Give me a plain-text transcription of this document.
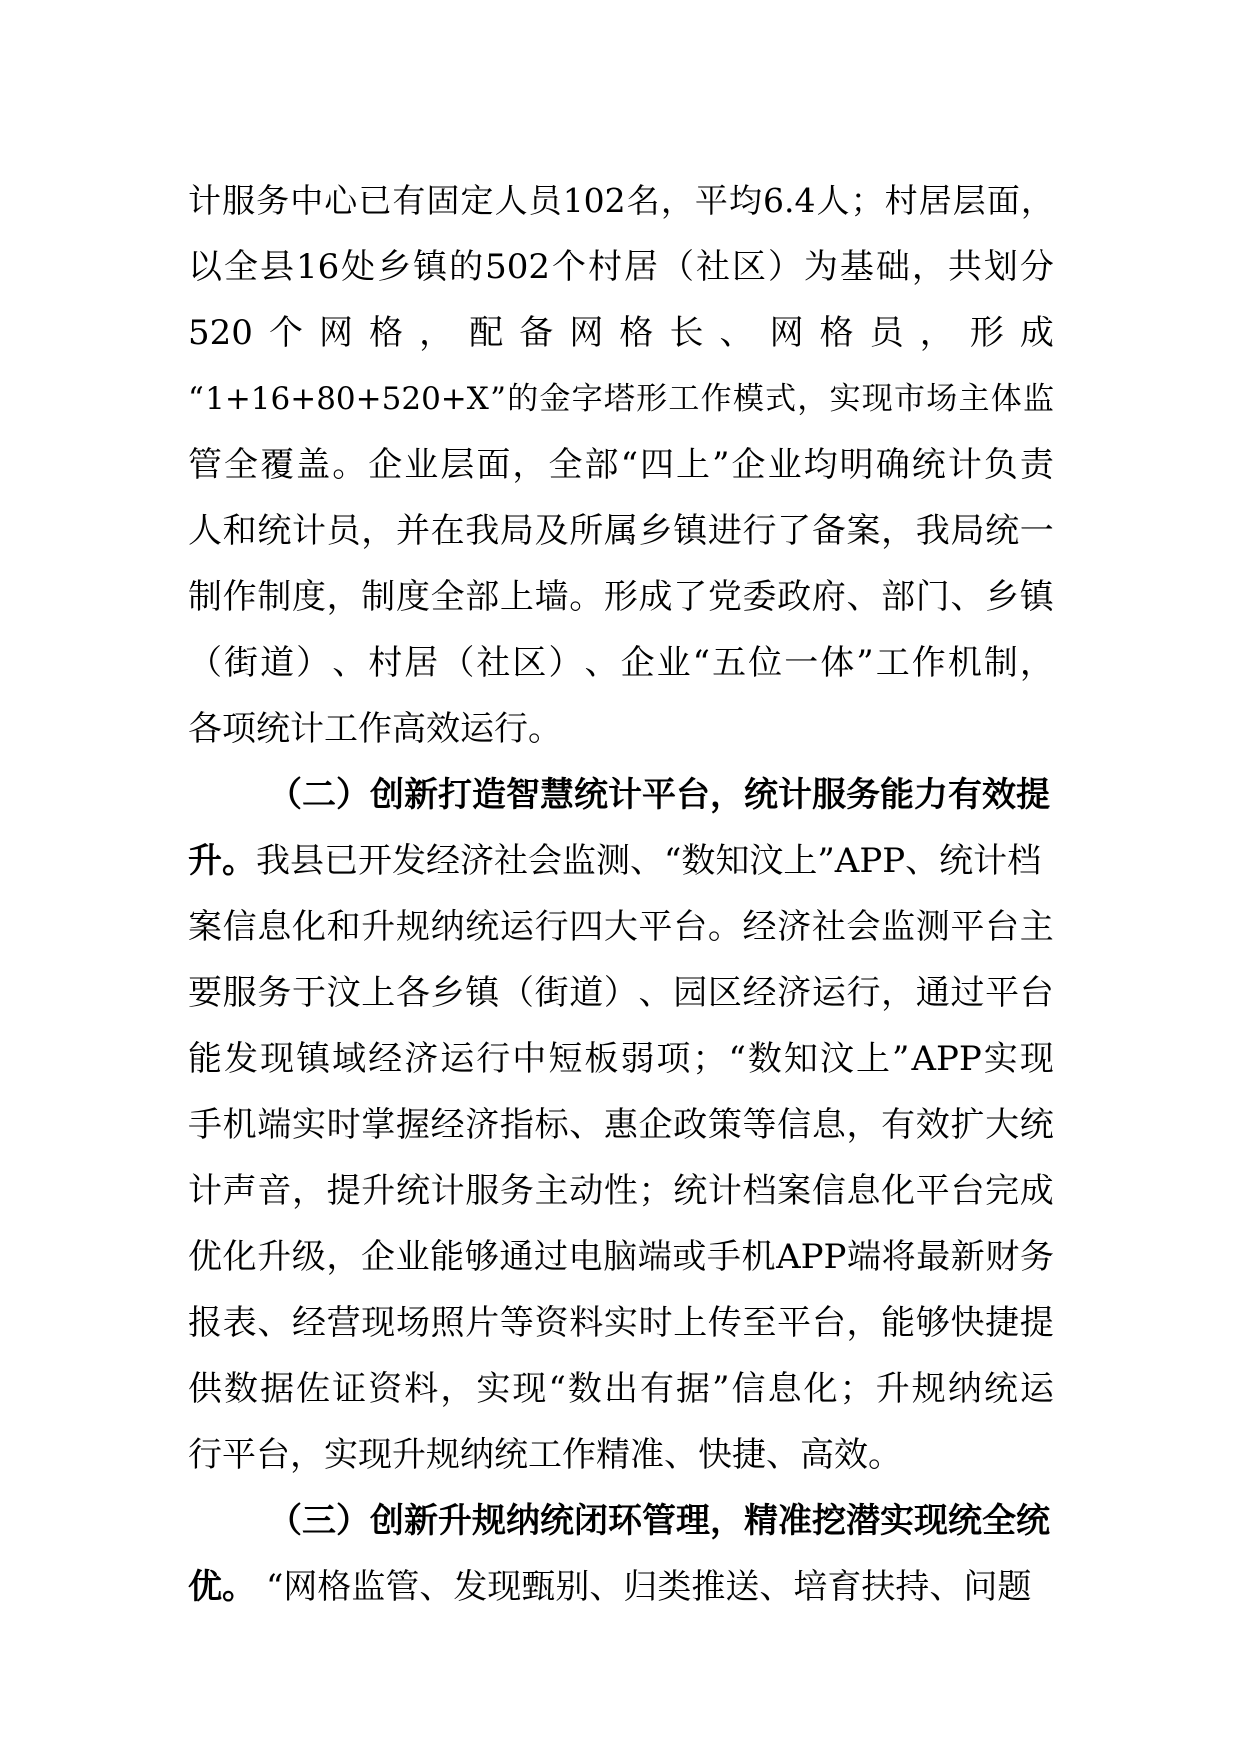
计 服 务 中 心 已 有 固 定 人 员 102 名 ， 平 均 6.4 人 ； 村 居 层 面 ，
以 全 县 16 处 乡 镇 的 502 个 村 居 （ 社 区 ） 为 基 础 ， 共 划 分
520 个 网 格 ， 配 备 网 格 长 、 网 格 员 ， 形 成
“ 1+16+80+520+X ” 的 金 字 塔 形 工 作 模 式 ， 实 现 市 场 主 体 监
管 全 覆 盖 。 企 业 层 面 ， 全 部 “ 四 上 ” 企 业 均 明 确 统 计 负 责
人 和 统 计 员 ， 并 在 我 局 及 所 属 乡 镇 进 行 了 备 案 ， 我 局 统 一
制 作 制 度 ， 制 度 全 部 上 墙 。 形 成 了 党 委 政 府 、 部 门 、 乡 镇
（ 街 道 ） 、 村 居 （ 社 区 ） 、 企 业 “ 五 位 一 体 ” 工 作 机 制 ，
各项统计工作高效运行。
（二）创新打造智慧统计平台，统计服务能力有效提
升。我县已开发经济社会监测、“数知汶上”APP、统计档
案 信 息 化 和 升 规 纳 统 运 行 四 大 平 台 。 经 济 社 会 监 测 平 台 主
要 服 务 于 汶 上 各 乡 镇 （ 街 道 ） 、 园 区 经 济 运 行 ， 通 过 平 台
能 发 现 镇 域 经 济 运 行 中 短 板 弱 项 ； “ 数 知 汶 上 ” APP 实 现
手 机 端 实 时 掌 握 经 济 指 标 、 惠 企 政 策 等 信 息 ， 有 效 扩 大 统
计 声 音 ， 提 升 统 计 服 务 主 动 性 ； 统 计 档 案 信 息 化 平 台 完 成
优 化 升 级 ， 企 业 能 够 通 过 电 脑 端 或 手 机 APP 端 将 最 新 财 务
报 表 、 经 营 现 场 照 片 等 资 料 实 时 上 传 至 平 台 ， 能 够 快 捷 提
供 数 据 佐 证 资 料 ， 实 现 “ 数 出 有 据 ” 信 息 化 ； 升 规 纳 统 运
行平台，实现升规纳统工作精准、快捷、高效。
（三）创新升规纳统闭环管理，精准挖潜实现统全统
优。 “网格监管、发现甄别、归类推送、培育扶持、问题
